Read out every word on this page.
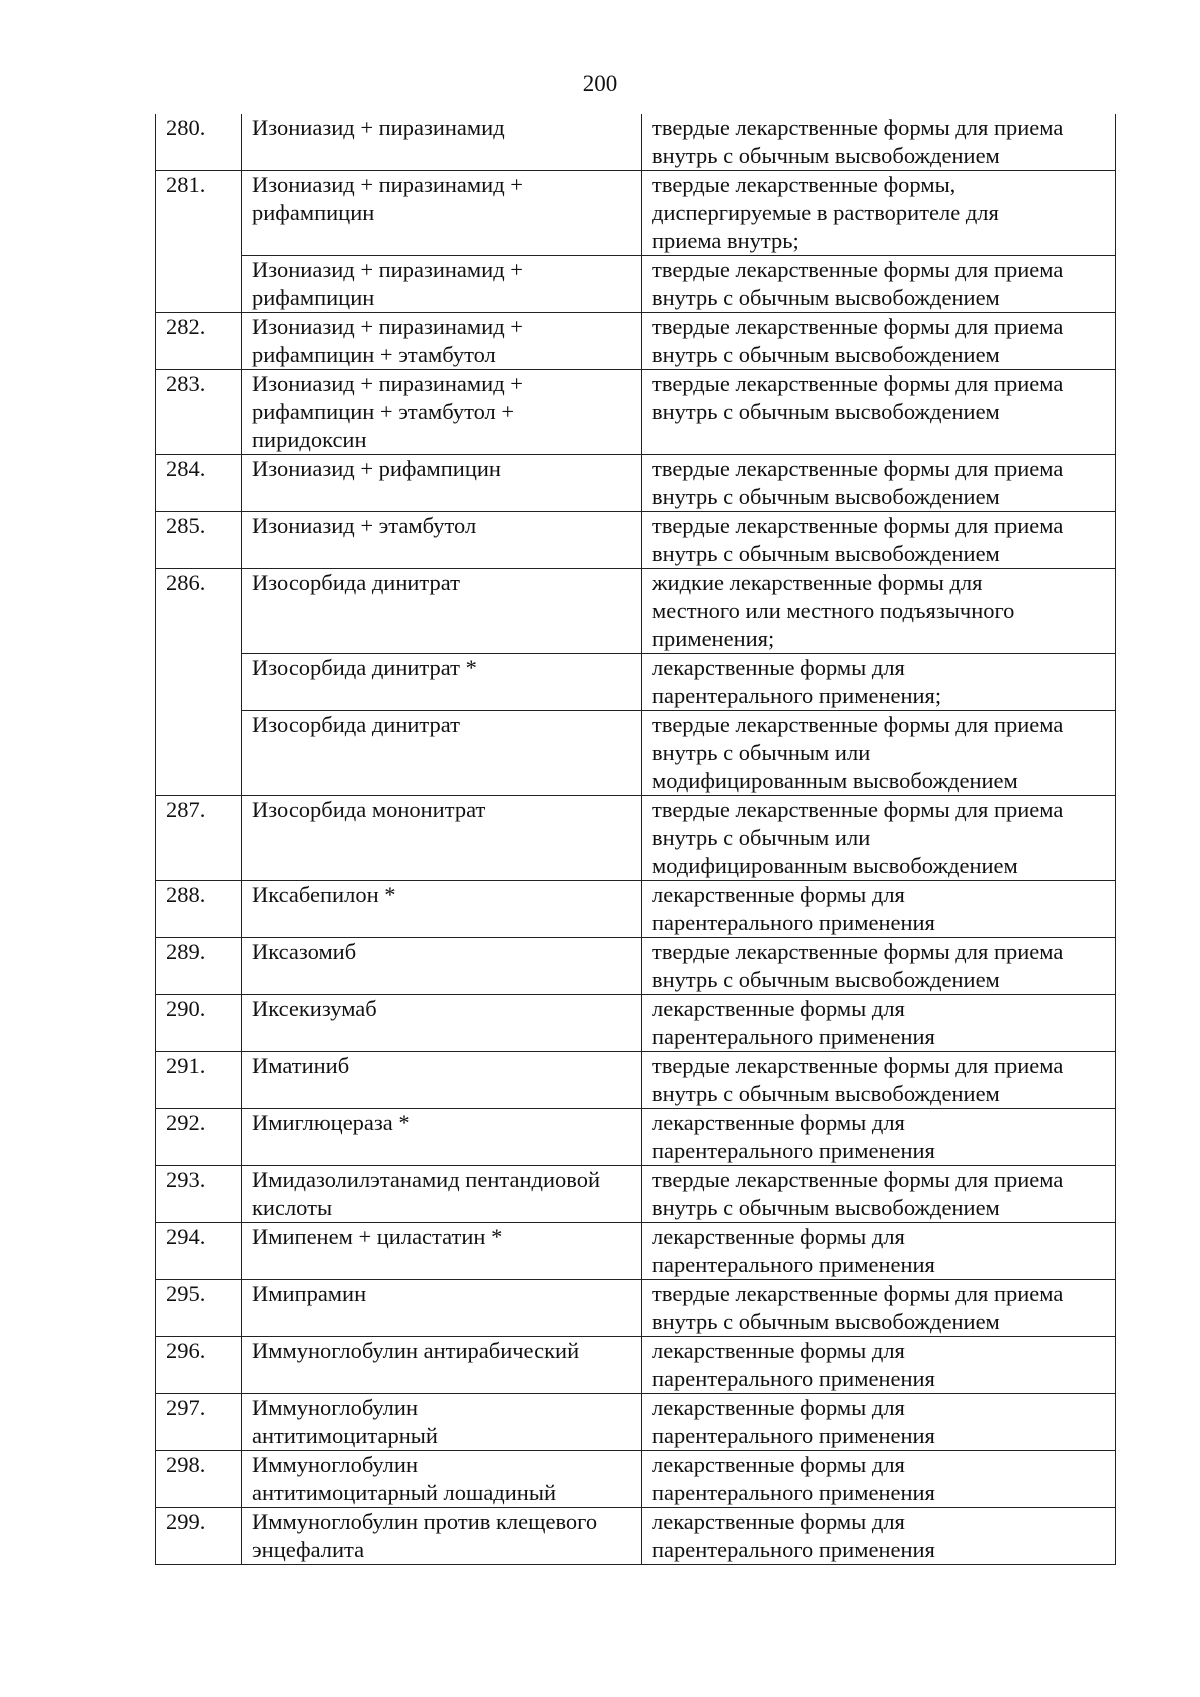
200
280.	Изониазид + пиразинамид	твердые лекарственные формы для приема
внутрь с обычным высвобождением

281.	Изониазид + пиразинамид +
рифампицин	твердые лекарственные формы,
диспергируемые в растворителе для
приема внутрь;

	Изониазид + пиразинамид +
рифампицин	твердые лекарственные формы для приема
внутрь с обычным высвобождением

282.	Изониазид + пиразинамид +
рифампицин + этамбутол	твердые лекарственные формы для приема
внутрь с обычным высвобождением

283.	Изониазид + пиразинамид +
рифампицин + этамбутол +
пиридоксин	твердые лекарственные формы для приема
внутрь с обычным высвобождением

284.	Изониазид + рифампицин	твердые лекарственные формы для приема
внутрь с обычным высвобождением

285.	Изониазид + этамбутол	твердые лекарственные формы для приема
внутрь с обычным высвобождением

286.	Изосорбида динитрат	жидкие лекарственные формы для
местного или местного подъязычного
применения;

	Изосорбида динитрат *	лекарственные формы для
парентерального применения;

	Изосорбида динитрат	твердые лекарственные формы для приема
внутрь с обычным или
модифицированным высвобождением

287.	Изосорбида мононитрат	твердые лекарственные формы для приема
внутрь с обычным или
модифицированным высвобождением

288.	Иксабепилон *	лекарственные формы для
парентерального применения

289.	Иксазомиб	твердые лекарственные формы для приема
внутрь с обычным высвобождением

290.	Иксекизумаб	лекарственные формы для
парентерального применения

291.	Иматиниб	твердые лекарственные формы для приема
внутрь с обычным высвобождением

292.	Имиглюцераза *	лекарственные формы для
парентерального применения

293.	Имидазолилэтанамид пентандиовой
кислоты	твердые лекарственные формы для приема
внутрь с обычным высвобождением

294.	Имипенем + циластатин *	лекарственные формы для
парентерального применения

295.	Имипрамин	твердые лекарственные формы для приема
внутрь с обычным высвобождением

296.	Иммуноглобулин антирабический	лекарственные формы для
парентерального применения

297.	Иммуноглобулин
антитимоцитарный	лекарственные формы для
парентерального применения

298.	Иммуноглобулин
антитимоцитарный лошадиный	лекарственные формы для
парентерального применения

299.	Иммуноглобулин против клещевого
энцефалита	лекарственные формы для
парентерального применения
